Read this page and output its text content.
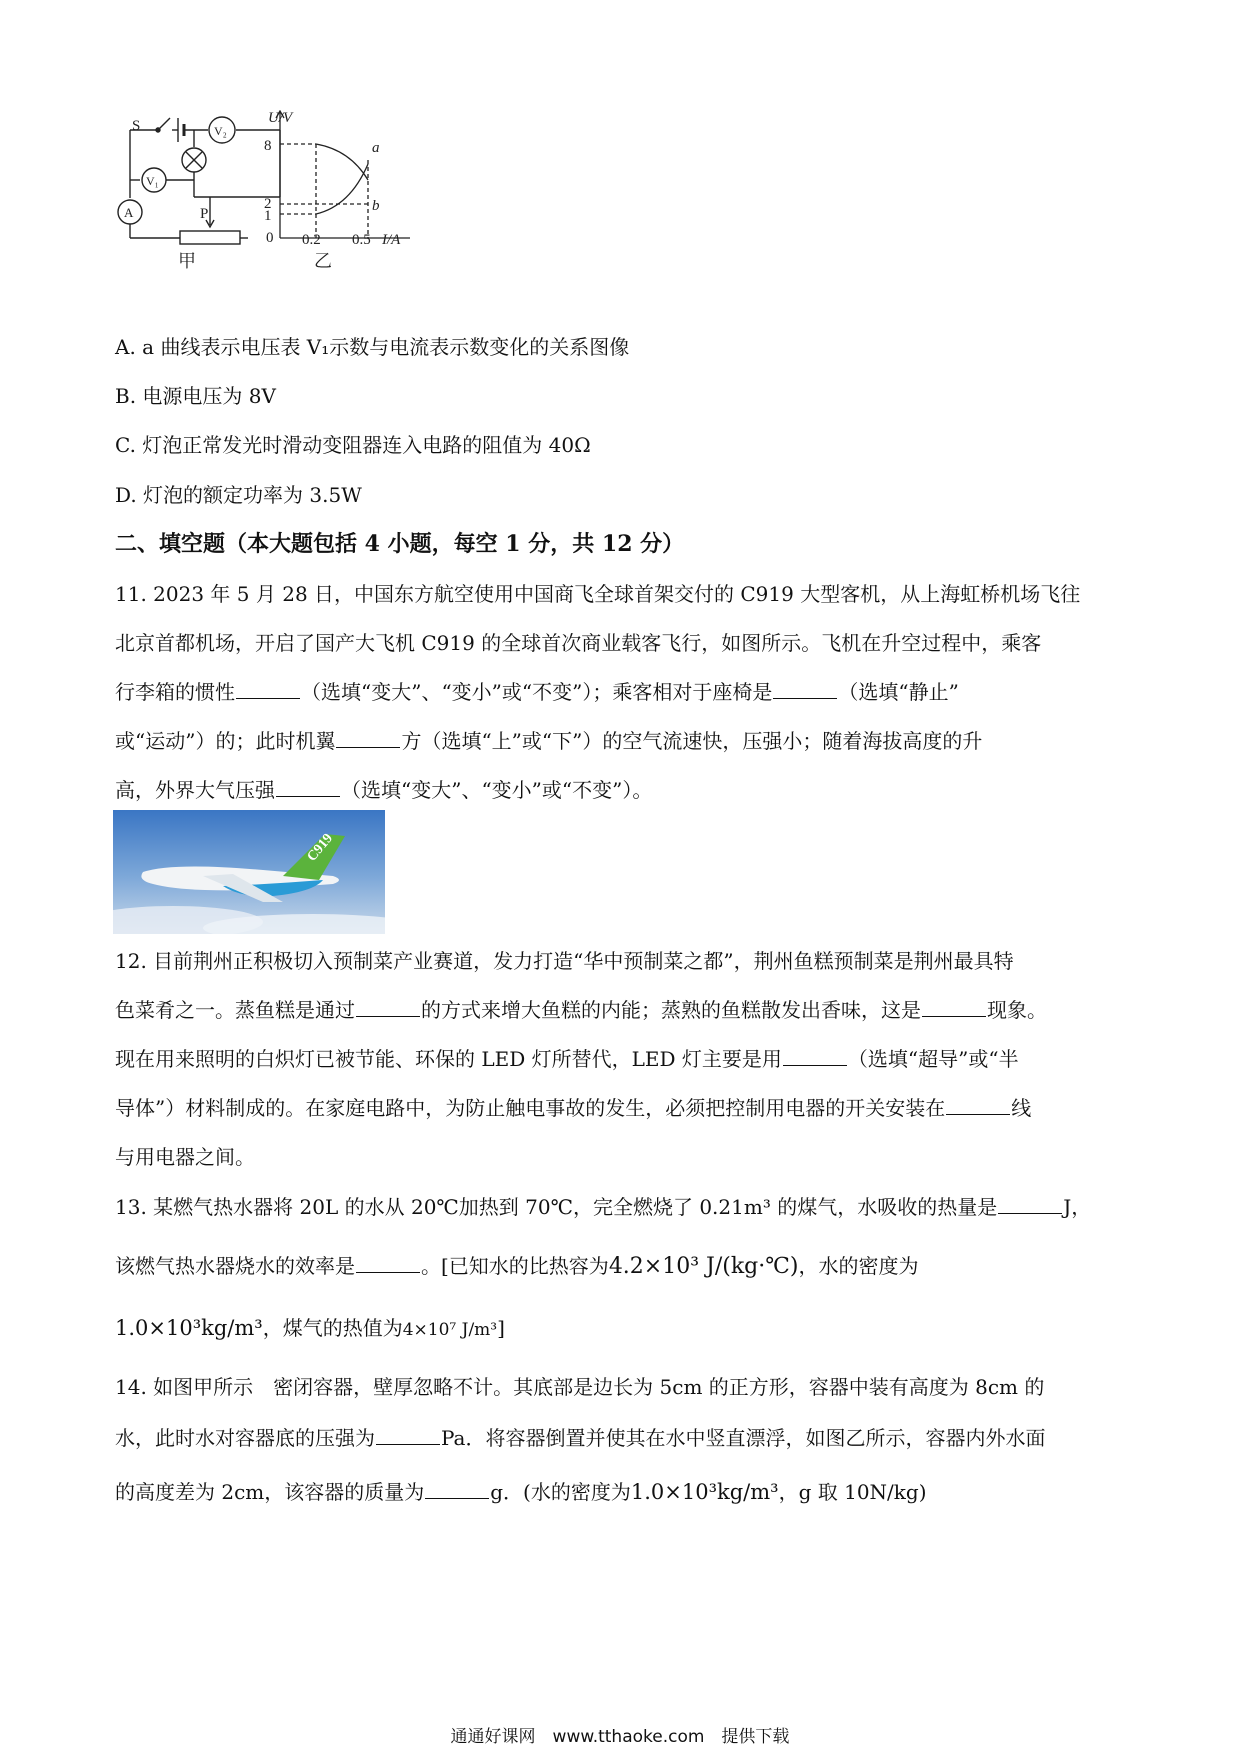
S	V₂
V₁
A	P
甲
U/V
8
2
1
0 0.2 0.5 I/A
a
b
乙
A. a 曲线表示电压表 V₁示数与电流表示数变化的关系图像
B. 电源电压为 8V
C. 灯泡正常发光时滑动变阻器连入电路的阻值为 40Ω
D. 灯泡的额定功率为 3.5W
二、填空题（本大题包括 4 小题，每空 1 分，共 12 分）
11. 2023 年 5 月 28 日，中国东方航空使用中国商飞全球首架交付的 C919 大型客机，从上海虹桥机场飞往
北京首都机场，开启了国产大飞机 C919 的全球首次商业载客飞行，如图所示。飞机在升空过程中，乘客
行李箱的惯性	（选填“变大”、“变小”或“不变”）；乘客相对于座椅是	（选填“静止”
或“运动”）的；此时机翼	方（选填“上”或“下”）的空气流速快，压强小；随着海拔高度的升
高，外界大气压强	（选填“变大”、“变小”或“不变”）。
C919
12. 目前荆州正积极切入预制菜产业赛道，发力打造“华中预制菜之都”，荆州鱼糕预制菜是荆州最具特
色菜肴之一。蒸鱼糕是通过	的方式来增大鱼糕的内能；蒸熟的鱼糕散发出香味，这是	现象。
现在用来照明的白炽灯已被节能、环保的 LED 灯所替代，LED 灯主要是用	（选填“超导”或“半
导体”）材料制成的。在家庭电路中，为防止触电事故的发生，必须把控制用电器的开关安装在	线
与用电器之间。
13. 某燃气热水器将 20L 的水从 20℃加热到 70℃，完全燃烧了 0.21m³ 的煤气，水吸收的热量是	J，
该燃气热水器烧水的效率是	。[已知水的比热容为4.2×10³ J/(kg·℃)，水的密度为
1.0×10³kg/m³，煤气的热值为4×10⁷ J/m³]
14. 如图甲所示　密闭容器，壁厚忽略不计。其底部是边长为 5cm 的正方形，容器中装有高度为 8cm 的
水，此时水对容器底的压强为	Pa．将容器倒置并使其在水中竖直漂浮，如图乙所示，容器内外水面
的高度差为 2cm，该容器的质量为	g．(水的密度为1.0×10³kg/m³，g 取 10N/kg)
通通好课网　www.tthaoke.com　提供下载
